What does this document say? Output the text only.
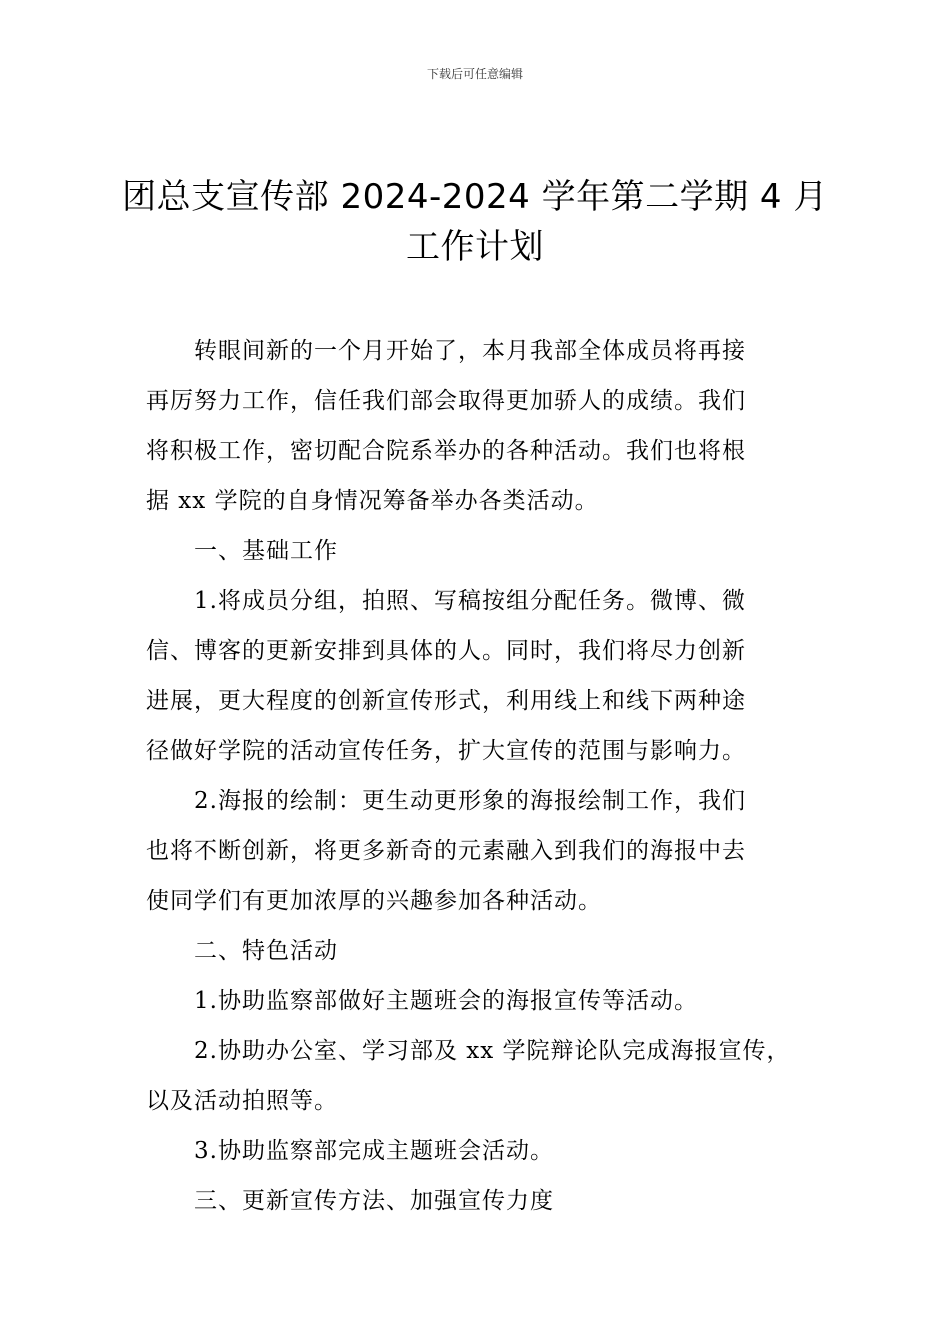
下载后可任意编辑
团总支宣传部 2024-2024 学年第二学期 4 月
工作计划

转眼间新的一个月开始了，本月我部全体成员将再接
再厉努力工作，信任我们部会取得更加骄人的成绩。我们
将积极工作，密切配合院系举办的各种活动。我们也将根
据 xx 学院的自身情况筹备举办各类活动。

一、基础工作

1.将成员分组，拍照、写稿按组分配任务。微博、微
信、博客的更新安排到具体的人。同时，我们将尽力创新
进展，更大程度的创新宣传形式，利用线上和线下两种途
径做好学院的活动宣传任务，扩大宣传的范围与影响力。

2.海报的绘制：更生动更形象的海报绘制工作，我们
也将不断创新，将更多新奇的元素融入到我们的海报中去
使同学们有更加浓厚的兴趣参加各种活动。

二、特色活动

1.协助监察部做好主题班会的海报宣传等活动。

2.协助办公室、学习部及 xx 学院辩论队完成海报宣传，
以及活动拍照等。

3.协助监察部完成主题班会活动。

三、更新宣传方法、加强宣传力度
